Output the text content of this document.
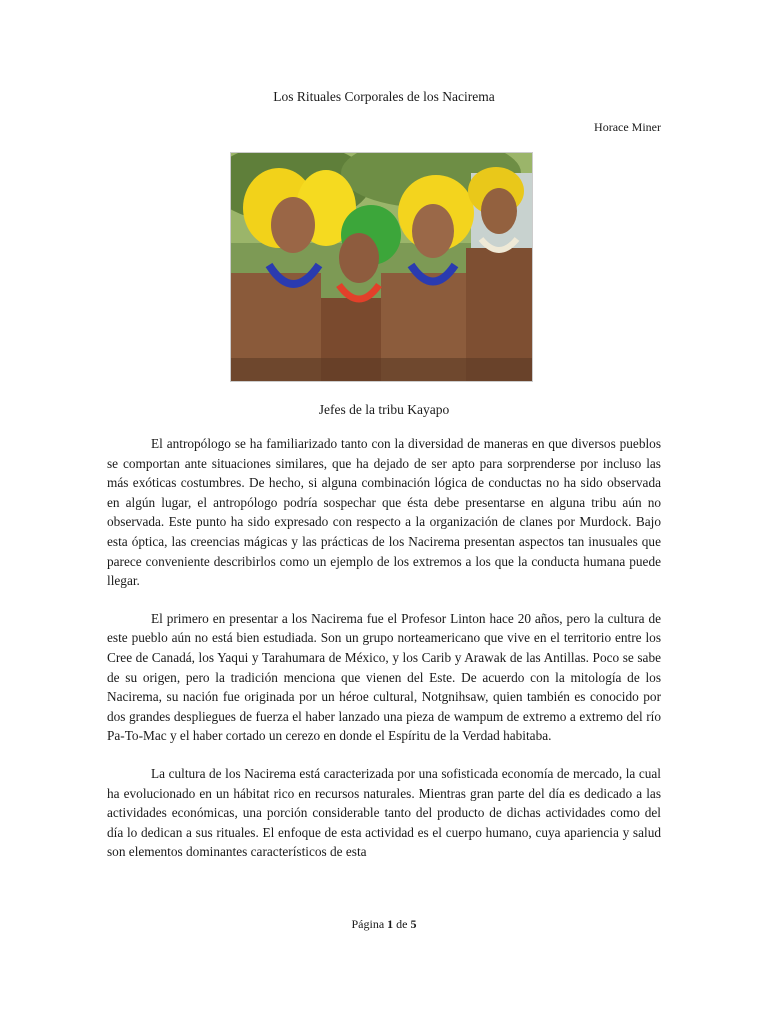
Los Rituales Corporales de los Nacirema
Horace Miner
Jefes de la tribu Kayapo

El antropólogo se ha familiarizado tanto con la diversidad de maneras en que diversos pueblos se comportan ante situaciones similares, que ha dejado de ser apto para sorprenderse por incluso las más exóticas costumbres. De hecho, si alguna combinación lógica de conductas no ha sido observada en algún lugar, el antropólogo podría sospechar que ésta debe presentarse en alguna tribu aún no observada. Este punto ha sido expresado con respecto a la organización de clanes por Murdock. Bajo esta óptica, las creencias mágicas y las prácticas de los Nacirema presentan aspectos tan inusuales que parece conveniente describirlos como un ejemplo de los extremos a los que la conducta humana puede llegar.

El primero en presentar a los Nacirema fue el Profesor Linton hace 20 años, pero la cultura de este pueblo aún no está bien estudiada. Son un grupo norteamericano que vive en el territorio entre los Cree de Canadá, los Yaqui y Tarahumara de México, y los Carib y Arawak de las Antillas. Poco se sabe de su origen, pero la tradición menciona que vienen del Este. De acuerdo con la mitología de los Nacirema, su nación fue originada por un héroe cultural, Notgnihsaw, quien también es conocido por dos grandes despliegues de fuerza el haber lanzado una pieza de wampum de extremo a extremo del río Pa-To-Mac y el haber cortado un cerezo en donde el Espíritu de la Verdad habitaba.

La cultura de los Nacirema está caracterizada por una sofisticada economía de mercado, la cual ha evolucionado en un hábitat rico en recursos naturales. Mientras gran parte del día es dedicado a las actividades económicas, una porción considerable tanto del producto de dichas actividades como del día lo dedican a sus rituales. El enfoque de esta actividad es el cuerpo humano, cuya apariencia y salud son elementos dominantes característicos de esta

Página 1 de 5
